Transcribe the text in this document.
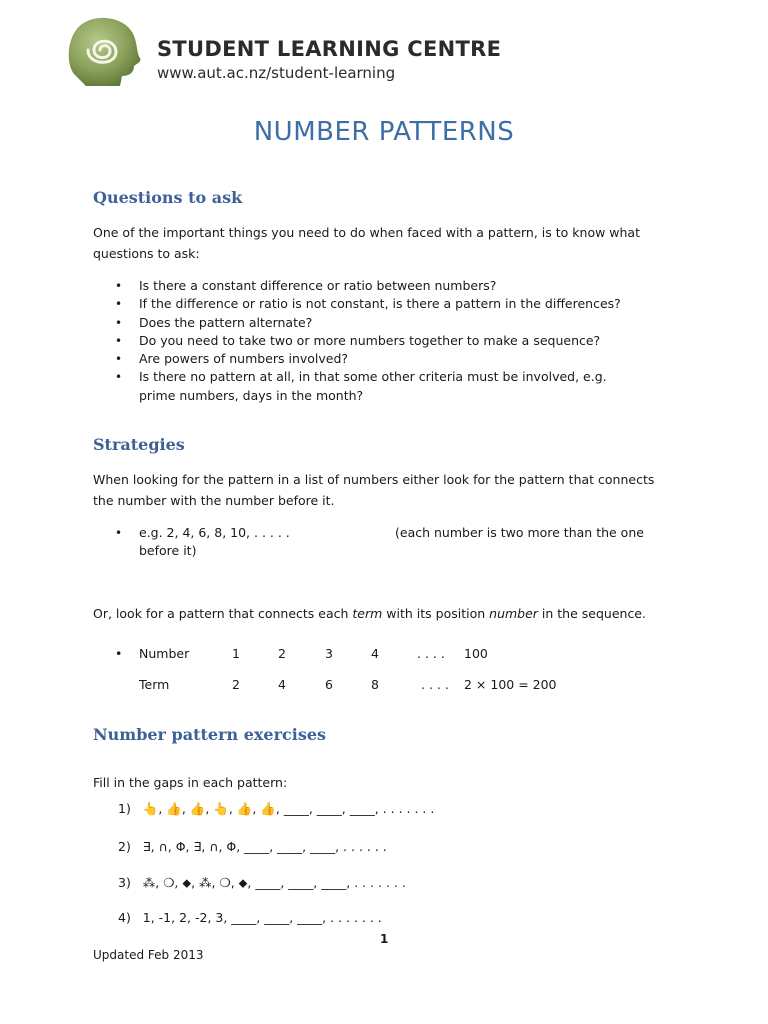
STUDENT LEARNING CENTRE
www.aut.ac.nz/student-learning
NUMBER PATTERNS
Questions to ask
One of the important things you need to do when faced with a pattern, is to know what questions to ask:
• Is there a constant difference or ratio between numbers?
• If the difference or ratio is not constant, is there a pattern in the differences?
• Does the pattern alternate?
• Do you need to take two or more numbers together to make a sequence?
• Are powers of numbers involved?
• Is there no pattern at all, in that some other criteria must be involved, e.g. prime numbers, days in the month?
Strategies
When looking for the pattern in a list of numbers either look for the pattern that connects the number with the number before it.
• e.g. 2, 4, 6, 8, 10, . . . . .	(each number is two more than the one
before it)
Or, look for a pattern that connects each term with its position number in the sequence.
• Number	1	2	3	4	. . . . 100
Term	2	4	6	8	. . . . 2 × 100 = 200
Number pattern exercises
Fill in the gaps in each pattern:
1) 👆, 👍, 👍, 👆, 👍, 👍, ____, ____, ____, . . . . . . .
2) ∃, ∩, Φ, ∃, ∩, Φ, ____, ____, ____, . . . . . .
3) ⁂, ❍, ⬥, ⁂, ❍, ⬥, ____, ____, ____, . . . . . . .
4) 1, -1, 2, -2, 3, ____, ____, ____, . . . . . . .
1
Updated Feb 2013
